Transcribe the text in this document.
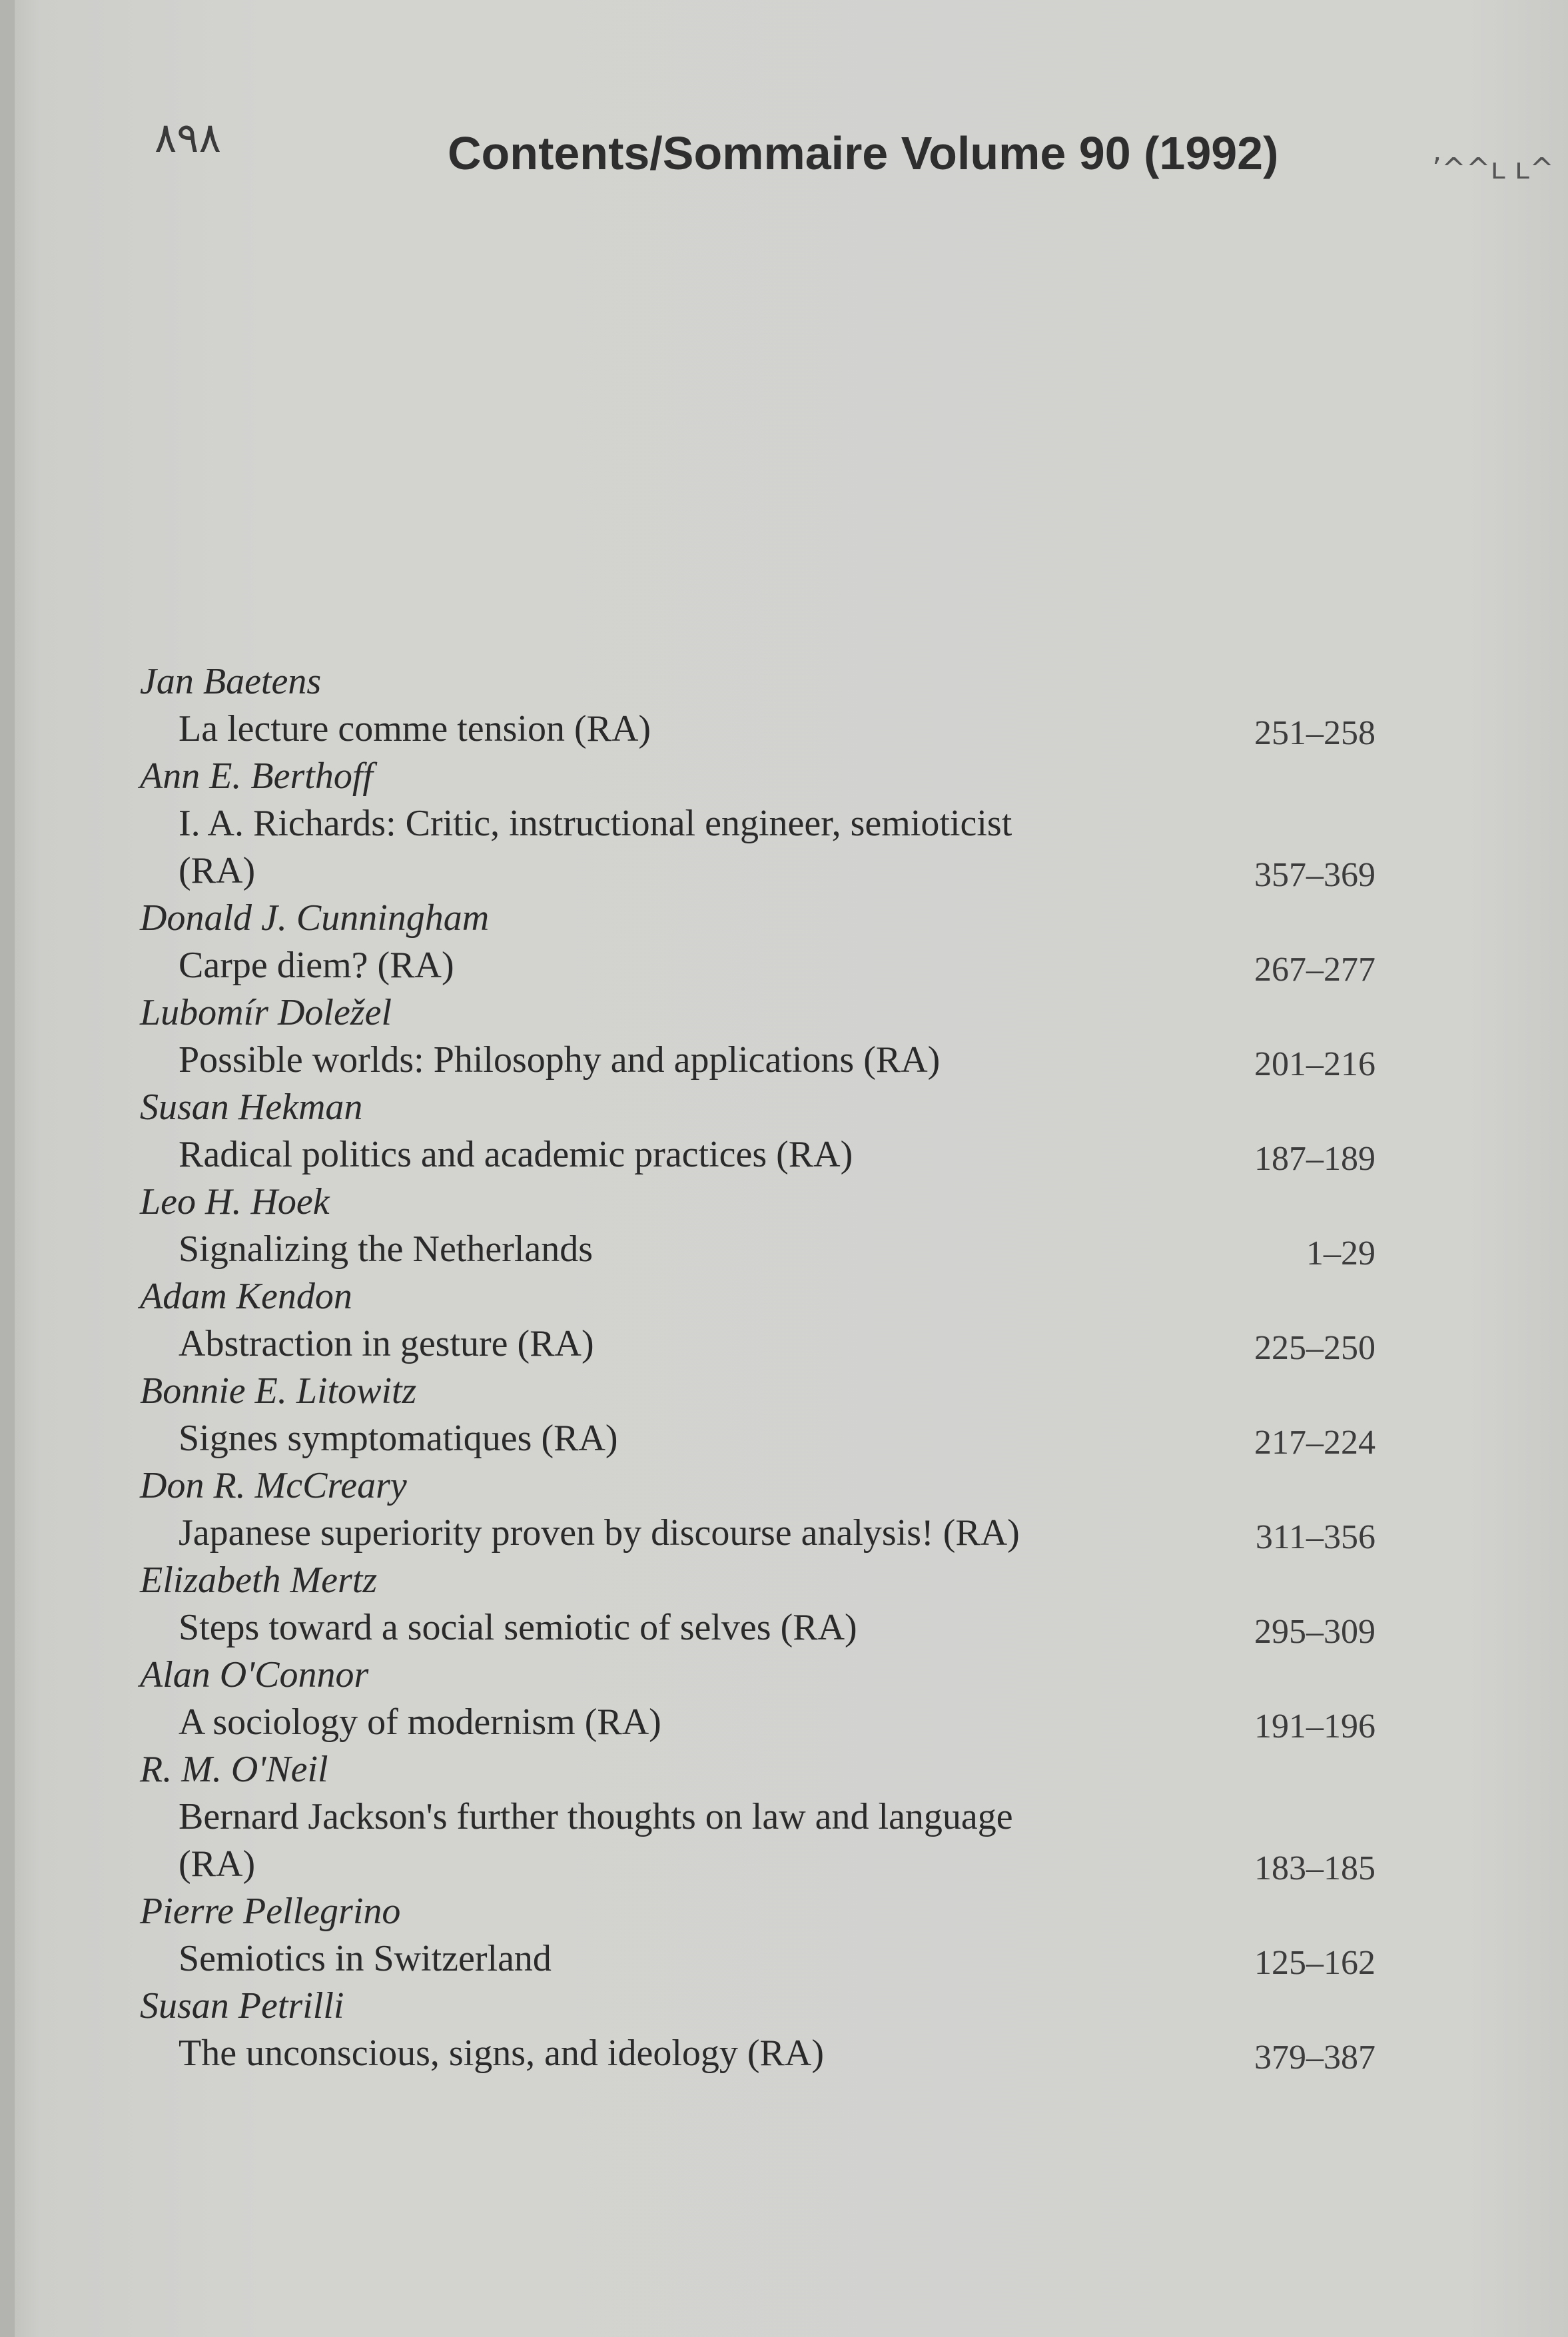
۸۹۸	Contents/Sommaire Volume 90 (1992)	ʼ^^ʟ ʟ^
Jan Baetens
La lecture comme tension (RA)	251–258
Ann E. Berthoff
I. A. Richards: Critic, instructional engineer, semioticist
(RA)	357–369
Donald J. Cunningham
Carpe diem? (RA)	267–277
Lubomír Doležel
Possible worlds: Philosophy and applications (RA)	201–216
Susan Hekman
Radical politics and academic practices (RA)	187–189
Leo H. Hoek
Signalizing the Netherlands	1–29
Adam Kendon
Abstraction in gesture (RA)	225–250
Bonnie E. Litowitz
Signes symptomatiques (RA)	217–224
Don R. McCreary
Japanese superiority proven by discourse analysis! (RA)	311–356
Elizabeth Mertz
Steps toward a social semiotic of selves (RA)	295–309
Alan O'Connor
A sociology of modernism (RA)	191–196
R. M. O'Neil
Bernard Jackson's further thoughts on law and language
(RA)	183–185
Pierre Pellegrino
Semiotics in Switzerland	125–162
Susan Petrilli
The unconscious, signs, and ideology (RA)	379–387
